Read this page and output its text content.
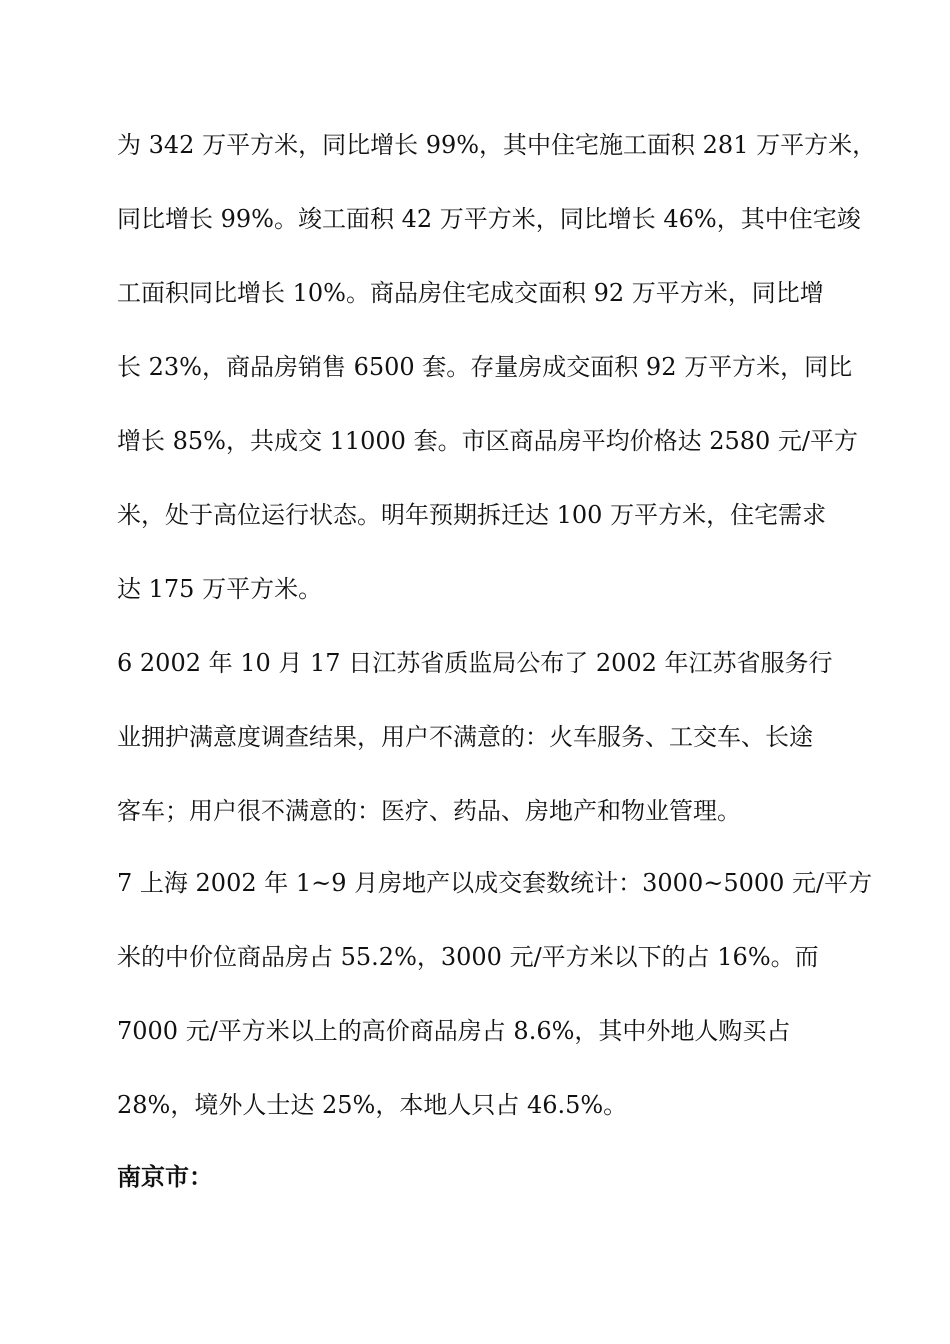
为 342 万平方米，同比增长 99%，其中住宅施工面积 281 万平方米，
同比增长 99%。竣工面积 42 万平方米，同比增长 46%，其中住宅竣
工面积同比增长 10%。商品房住宅成交面积 92 万平方米，同比增
长 23%，商品房销售 6500 套。存量房成交面积 92 万平方米，同比
增长 85%，共成交 11000 套。市区商品房平均价格达 2580 元/平方
米，处于高位运行状态。明年预期拆迁达 100 万平方米，住宅需求
达 175 万平方米。
6 2002 年 10 月 17 日江苏省质监局公布了 2002 年江苏省服务行
业拥护满意度调查结果，用户不满意的：火车服务、工交车、长途
客车；用户很不满意的：医疗、药品、房地产和物业管理。
7 上海 2002 年 1~9 月房地产以成交套数统计：3000~5000 元/平方
米的中价位商品房占 55.2%，3000 元/平方米以下的占 16%。而
7000 元/平方米以上的高价商品房占 8.6%，其中外地人购买占
28%，境外人士达 25%，本地人只占 46.5%。
南京市：
